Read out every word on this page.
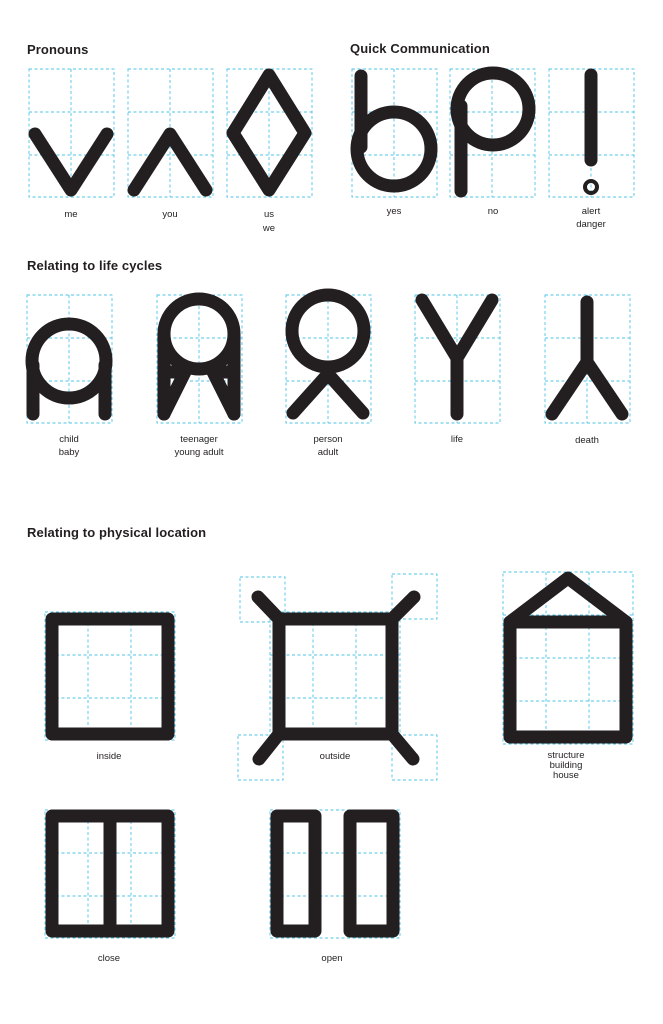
Pronouns	Quick Communication
Relating to life cycles
Relating to physical location
me	you	us
we
yes	no	alert
danger
child
baby
teenager
young adult
person
adult
life	death
inside	outside	structure
building
house
close	open
